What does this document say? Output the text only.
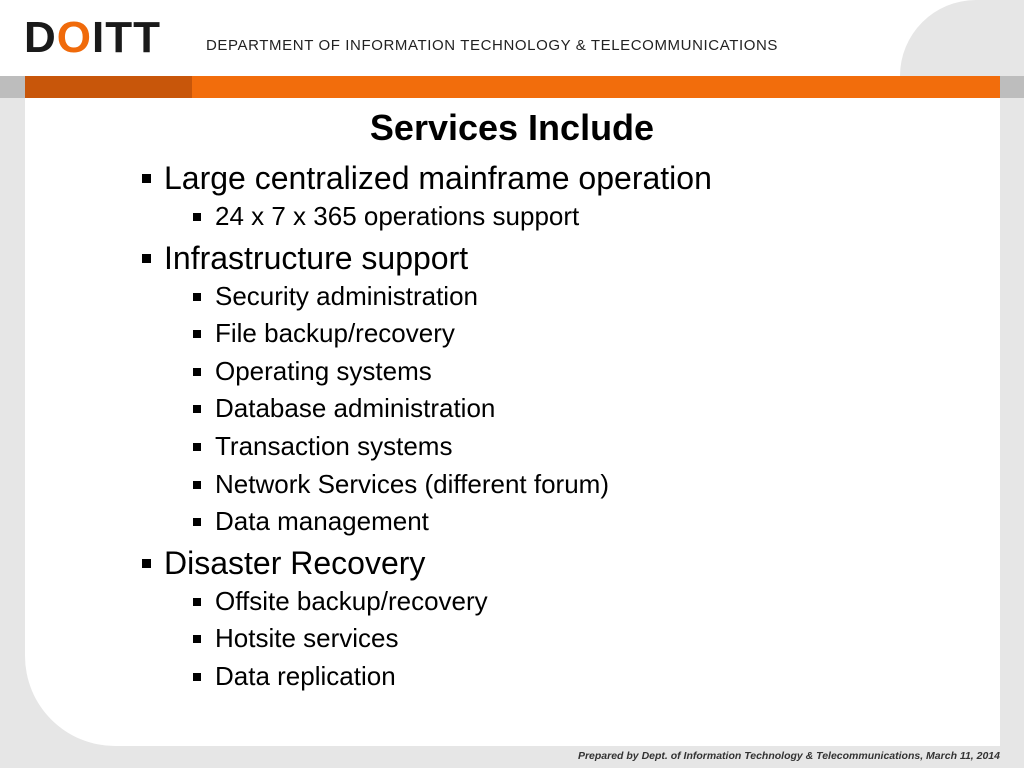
D O ITT	DEPARTMENT OF INFORMATION TECHNOLOGY & TELECOMMUNICATIONS
Services Include
Large centralized mainframe operation
24 x 7 x 365 operations support
Infrastructure support
Security administration
File backup/recovery
Operating systems
Database administration
Transaction systems
Network Services (different forum)
Data management
Disaster Recovery
Offsite backup/recovery
Hotsite services
Data replication
Prepared by Dept. of Information Technology & Telecommunications, March 11, 2014
